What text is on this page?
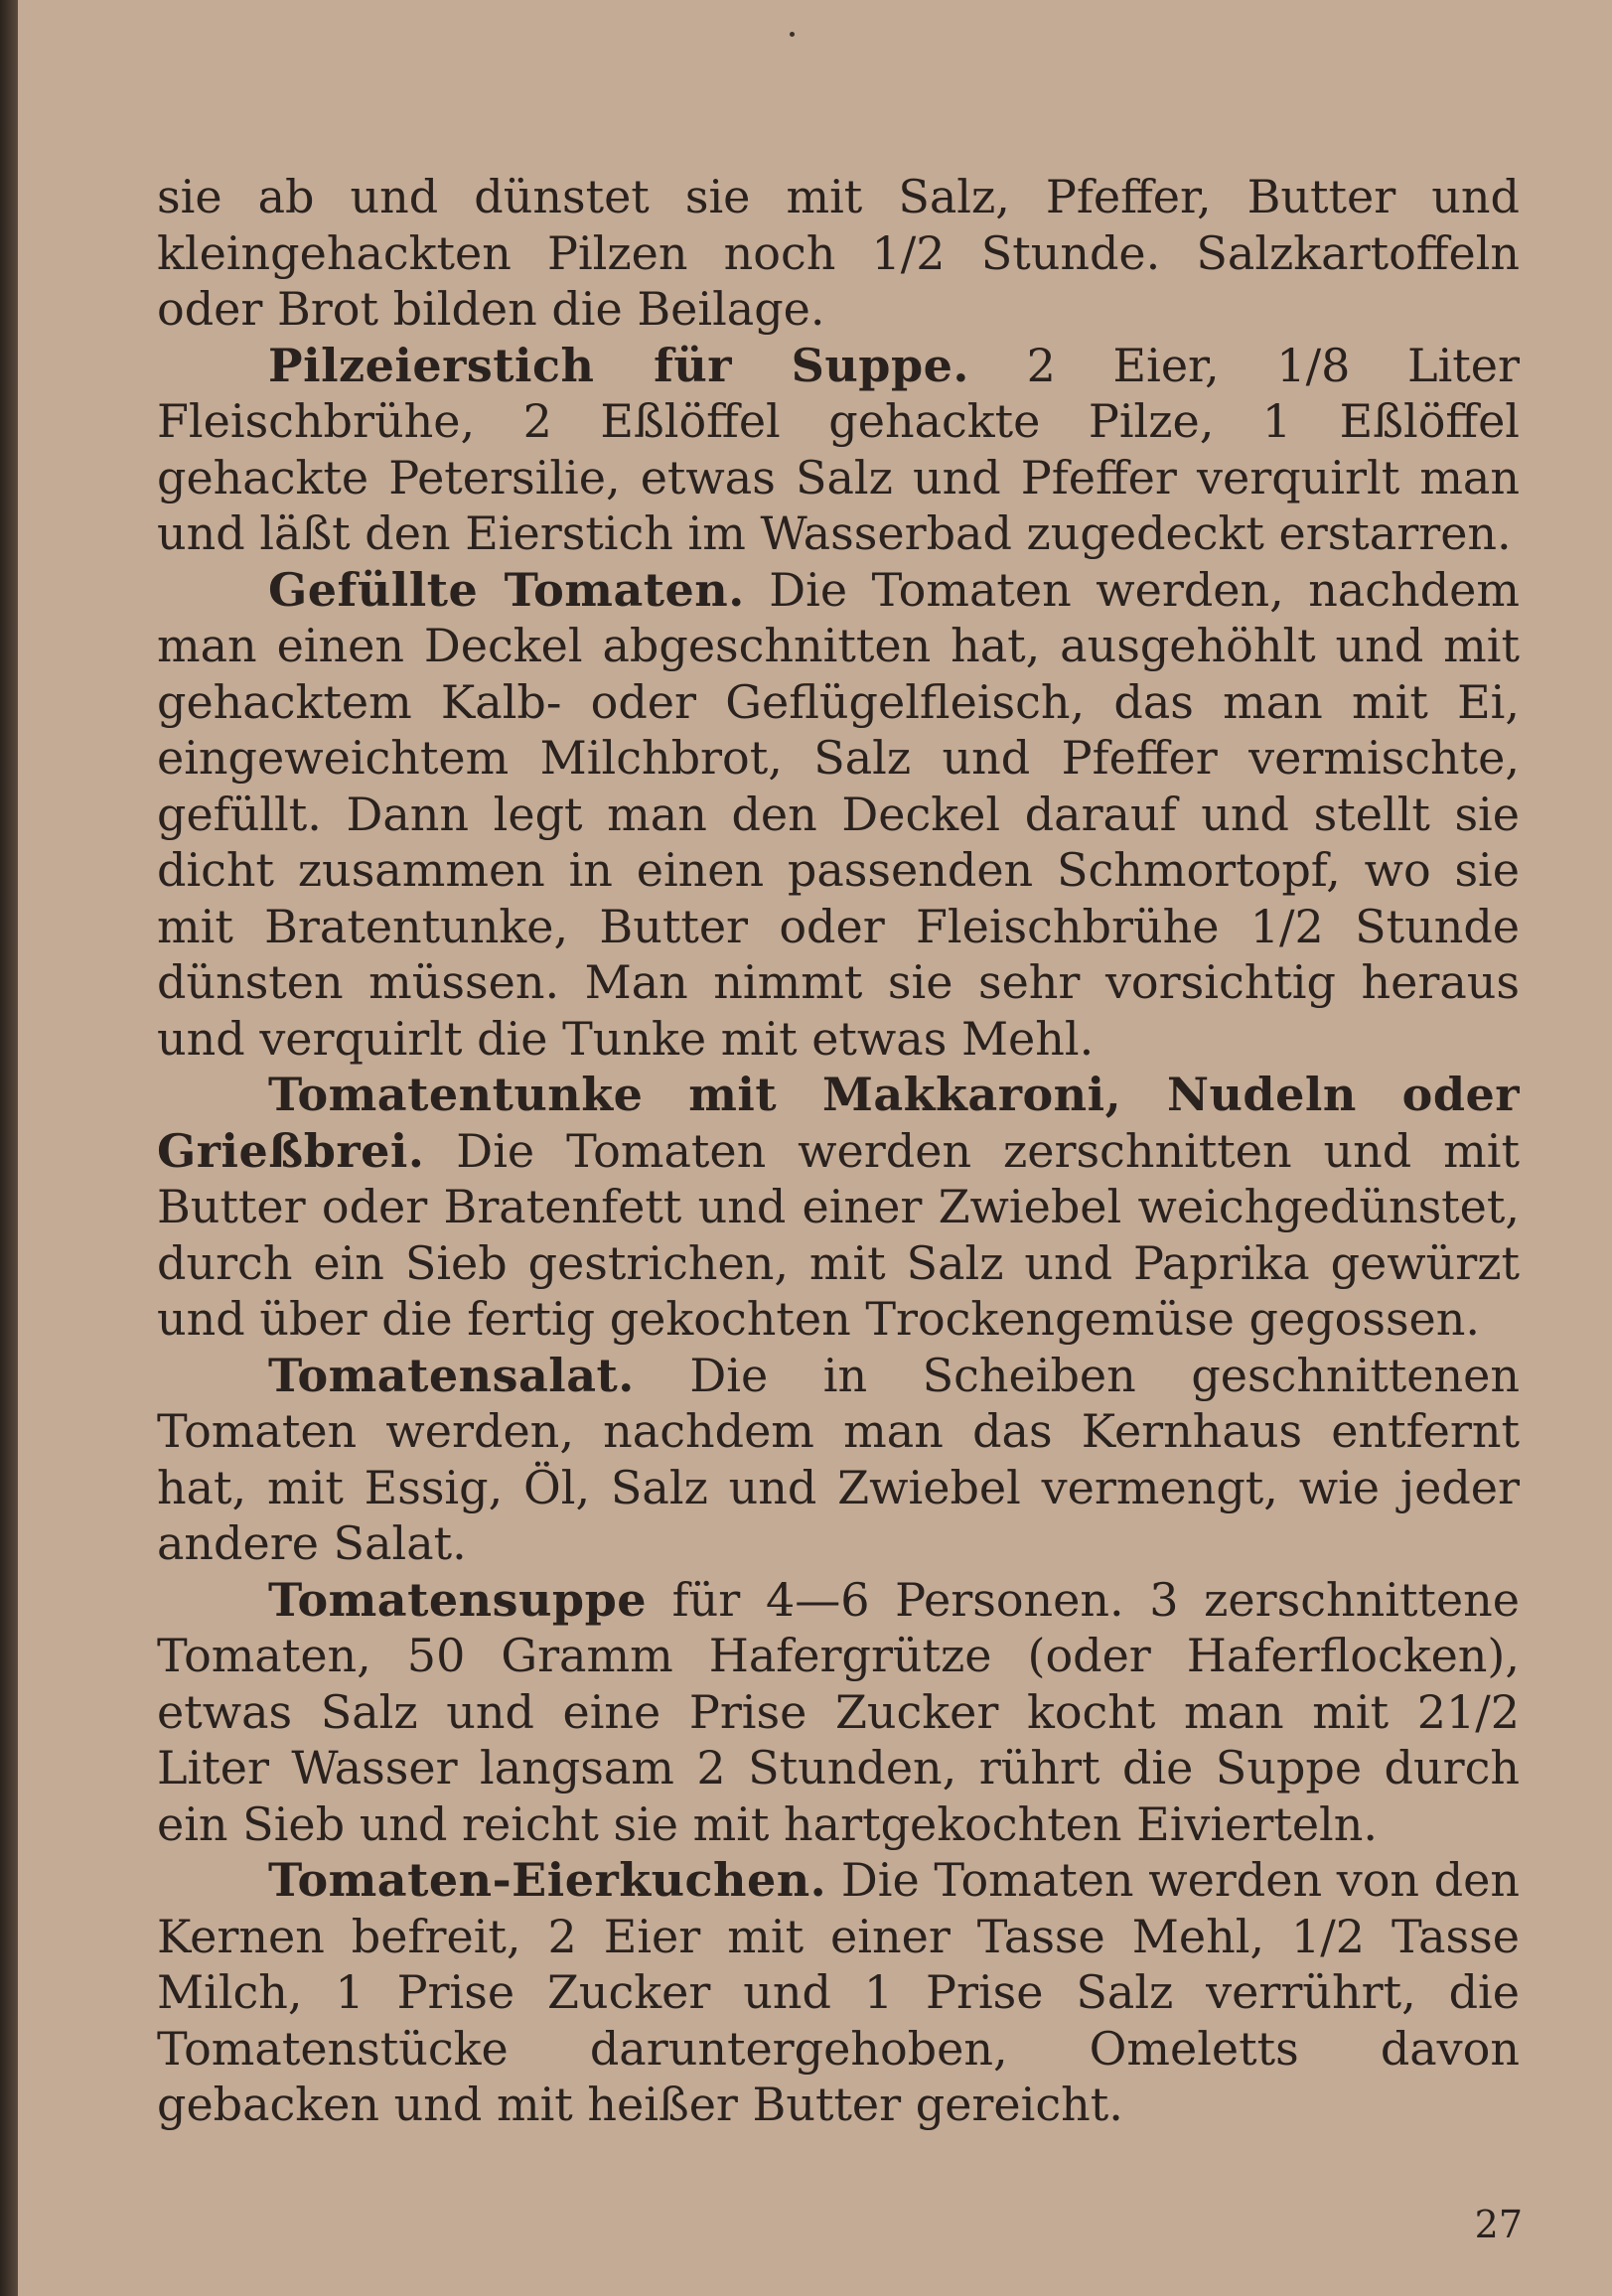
sie ab und dünstet sie mit Salz, Pfeffer, Butter und kleingehackten Pilzen noch 1/2 Stunde. Salzkartoffeln oder Brot bilden die Beilage.

Pilzeierstich für Suppe. 2 Eier, 1/8 Liter Fleischbrühe, 2 Eßlöffel gehackte Pilze, 1 Eßlöffel gehackte Petersilie, etwas Salz und Pfeffer verquirlt man und läßt den Eierstich im Wasserbad zugedeckt erstarren.

Gefüllte Tomaten. Die Tomaten werden, nachdem man einen Deckel abgeschnitten hat, ausgehöhlt und mit gehacktem Kalb- oder Geflügelfleisch, das man mit Ei, eingeweichtem Milchbrot, Salz und Pfeffer vermischte, gefüllt. Dann legt man den Deckel darauf und stellt sie dicht zusammen in einen passenden Schmortopf, wo sie mit Bratentunke, Butter oder Fleischbrühe 1/2 Stunde dünsten müssen. Man nimmt sie sehr vorsichtig heraus und verquirlt die Tunke mit etwas Mehl.

Tomatentunke mit Makkaroni, Nudeln oder Grießbrei. Die Tomaten werden zerschnitten und mit Butter oder Bratenfett und einer Zwiebel weichgedünstet, durch ein Sieb gestrichen, mit Salz und Paprika gewürzt und über die fertig gekochten Trockengemüse gegossen.

Tomatensalat. Die in Scheiben geschnittenen Tomaten werden, nachdem man das Kernhaus entfernt hat, mit Essig, Öl, Salz und Zwiebel vermengt, wie jeder andere Salat.

Tomatensuppe für 4—6 Personen. 3 zerschnittene Tomaten, 50 Gramm Hafergrütze (oder Haferflocken), etwas Salz und eine Prise Zucker kocht man mit 21/2 Liter Wasser langsam 2 Stunden, rührt die Suppe durch ein Sieb und reicht sie mit hartgekochten Eivierteln.

Tomaten-Eierkuchen. Die Tomaten werden von den Kernen befreit, 2 Eier mit einer Tasse Mehl, 1/2 Tasse Milch, 1 Prise Zucker und 1 Prise Salz verrührt, die Tomatenstücke daruntergehoben, Omeletts davon gebacken und mit heißer Butter gereicht.

27
